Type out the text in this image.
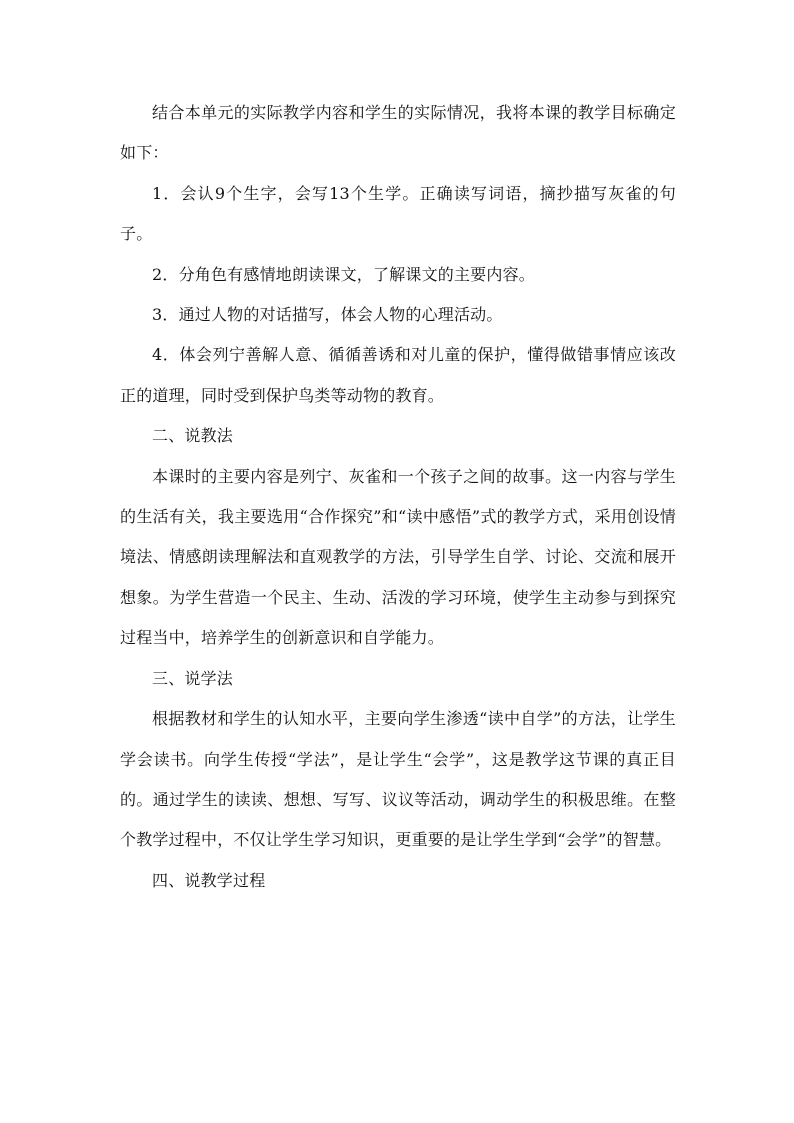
结合本单元的实际教学内容和学生的实际情况，我将本课的教学目标确定如下：

1．会认9个生字，会写13个生学。正确读写词语，摘抄描写灰雀的句子。

2．分角色有感情地朗读课文，了解课文的主要内容。

3．通过人物的对话描写，体会人物的心理活动。

4．体会列宁善解人意、循循善诱和对儿童的保护，懂得做错事情应该改正的道理，同时受到保护鸟类等动物的教育。

二、说教法

本课时的主要内容是列宁、灰雀和一个孩子之间的故事。这一内容与学生的生活有关，我主要选用“合作探究”和“读中感悟”式的教学方式，采用创设情境法、情感朗读理解法和直观教学的方法，引导学生自学、讨论、交流和展开想象。为学生营造一个民主、生动、活泼的学习环境，使学生主动参与到探究过程当中，培养学生的创新意识和自学能力。

三、说学法

根据教材和学生的认知水平，主要向学生渗透“读中自学”的方法，让学生学会读书。向学生传授“学法”，是让学生“会学”，这是教学这节课的真正目的。通过学生的读读、想想、写写、议议等活动，调动学生的积极思维。在整个教学过程中，不仅让学生学习知识，更重要的是让学生学到“会学”的智慧。

四、说教学过程
